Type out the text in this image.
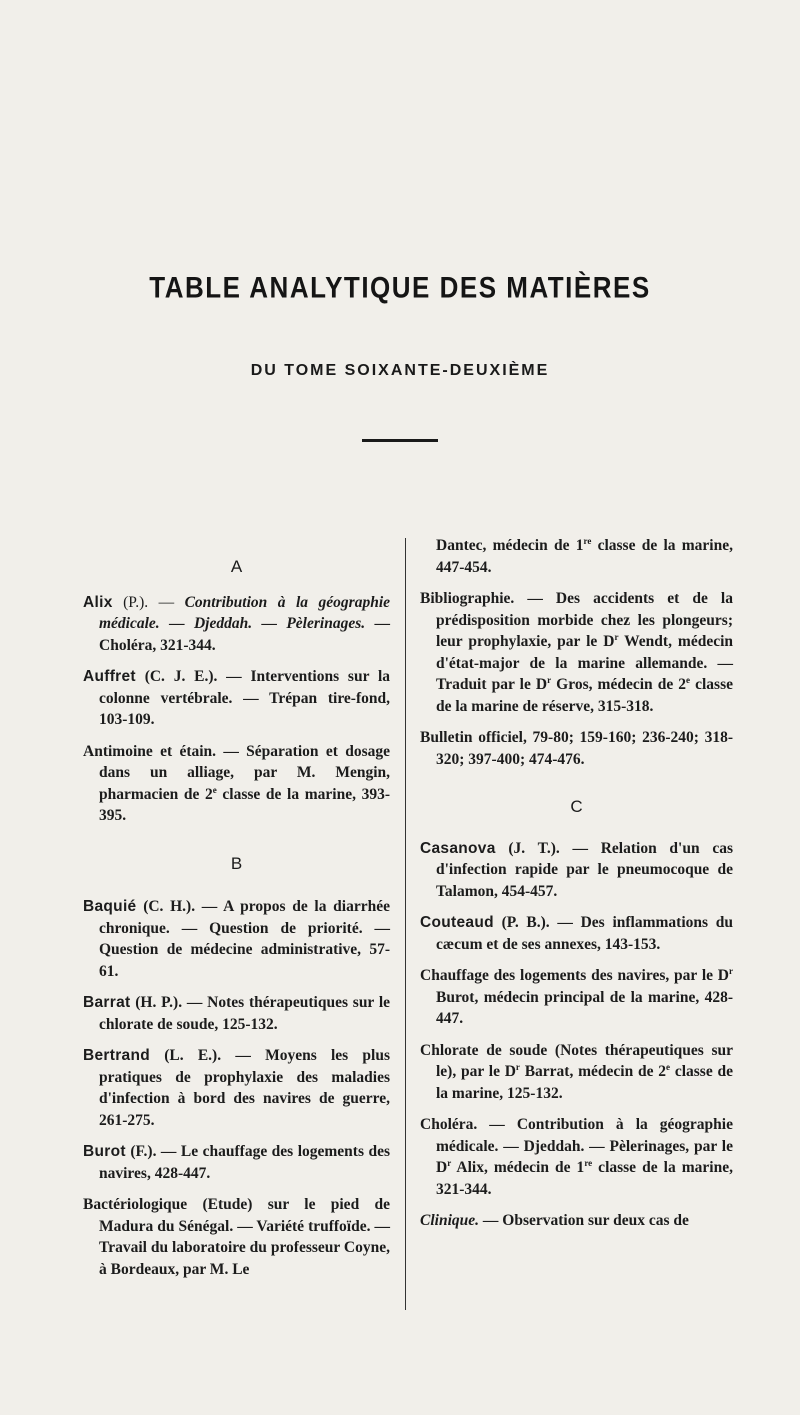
TABLE ANALYTIQUE DES MATIÈRES
DU TOME SOIXANTE-DEUXIÈME
A

Alix (P.). — Contribution à la géographie médicale. — Djeddah. — Pèlerinages. — Choléra, 321-344.

Auffret (C. J. E.). — Interventions sur la colonne vertébrale. — Trépan tire-fond, 103-109.

Antimoine et étain. — Séparation et dosage dans un alliage, par M. Mengin, pharmacien de 2e classe de la marine, 393-395.

B

Baquié (C. H.). — A propos de la diarrhée chronique. — Question de priorité. — Question de médecine administrative, 57-61.

Barrat (H. P.). — Notes thérapeutiques sur le chlorate de soude, 125-132.

Bertrand (L. E.). — Moyens les plus pratiques de prophylaxie des maladies d'infection à bord des navires de guerre, 261-275.

Burot (F.). — Le chauffage des logements des navires, 428-447.

Bactériologique (Etude) sur le pied de Madura du Sénégal. — Variété truffoïde. — Travail du laboratoire du professeur Coyne, à Bordeaux, par M. Le

Dantec, médecin de 1re classe de la marine, 447-454.

Bibliographie. — Des accidents et de la prédisposition morbide chez les plongeurs; leur prophylaxie, par le $D^r$ Wendt, médecin d'état-major de la marine allemande. — Traduit par le $D^r$ Gros, médecin de 2e classe de la marine de réserve, 315-318.

Bulletin officiel, 79-80; 159-160; 236-240; 318-320; 397-400; 474-476.

C

Casanova (J. T.). — Relation d'un cas d'infection rapide par le pneumocoque de Talamon, 454-457.

Couteaud (P. B.). — Des inflammations du cæcum et de ses annexes, 143-153.

Chauffage des logements des navires, par le $D^r$ Burot, médecin principal de la marine, 428-447.

Chlorate de soude (Notes thérapeutiques sur le), par le $D^r$ Barrat, médecin de 2e classe de la marine, 125-132.

Choléra. — Contribution à la géographie médicale. — Djeddah. — Pèlerinages, par le $D^r$ Alix, médecin de 1re classe de la marine, 321-344.

Clinique. — Observation sur deux cas de
